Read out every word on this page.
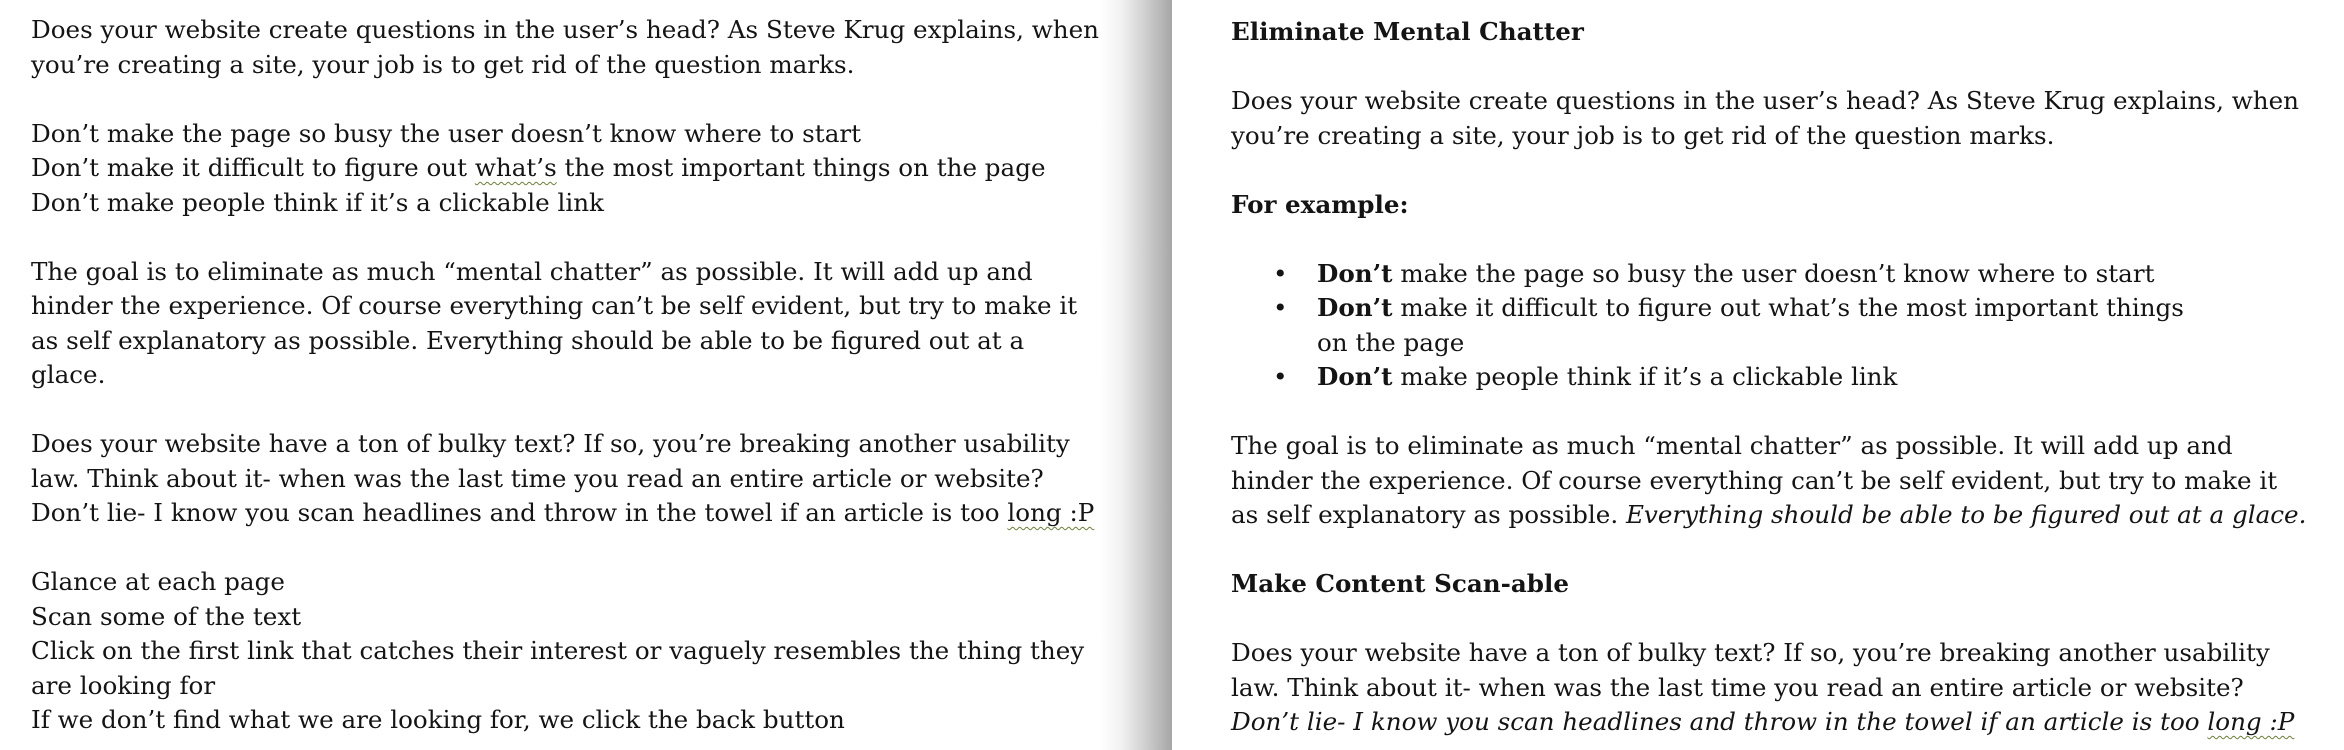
Does your website create questions in the user’s head? As Steve Krug explains, when
you’re creating a site, your job is to get rid of the question marks.
Don’t make the page so busy the user doesn’t know where to start
Don’t make it difficult to figure out what’s the most important things on the page
Don’t make people think if it’s a clickable link
The goal is to eliminate as much “mental chatter” as possible. It will add up and
hinder the experience. Of course everything can’t be self evident, but try to make it
as self explanatory as possible. Everything should be able to be figured out at a
glace.
Does your website have a ton of bulky text? If so, you’re breaking another usability
law. Think about it- when was the last time you read an entire article or website?
Don’t lie- I know you scan headlines and throw in the towel if an article is too long :P
Glance at each page
Scan some of the text
Click on the first link that catches their interest or vaguely resembles the thing they
are looking for
If we don’t find what we are looking for, we click the back button
Eliminate Mental Chatter
Does your website create questions in the user’s head? As Steve Krug explains, when
you’re creating a site, your job is to get rid of the question marks.
For example:
• Don’t make the page so busy the user doesn’t know where to start
• Don’t make it difficult to figure out what’s the most important things on the page
• Don’t make people think if it’s a clickable link
The goal is to eliminate as much “mental chatter” as possible. It will add up and
hinder the experience. Of course everything can’t be self evident, but try to make it
as self explanatory as possible. Everything should be able to be figured out at a glace.
Make Content Scan-able
Does your website have a ton of bulky text? If so, you’re breaking another usability
law. Think about it- when was the last time you read an entire article or website?
Don’t lie- I know you scan headlines and throw in the towel if an article is too long :P
